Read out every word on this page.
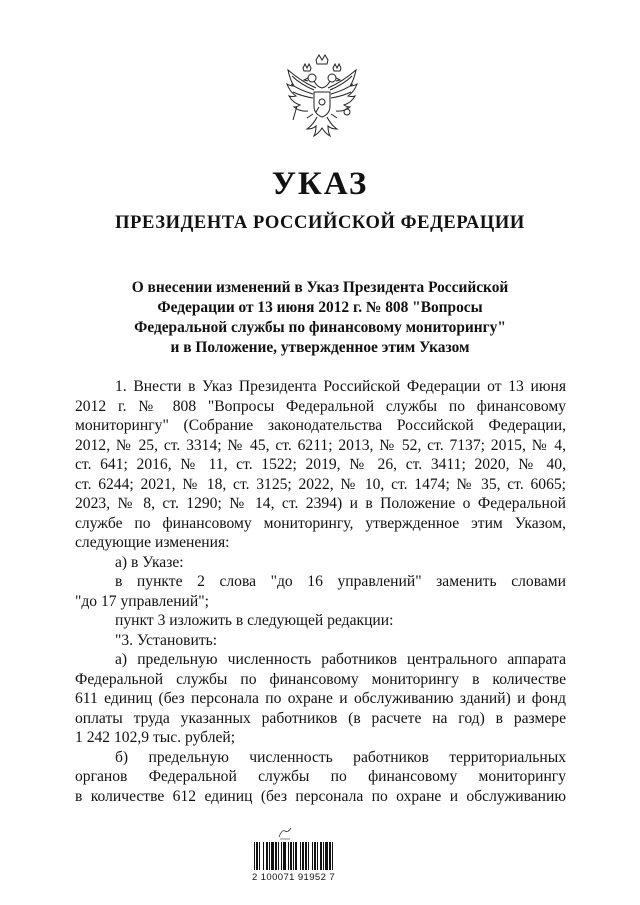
УКАЗ
ПРЕЗИДЕНТА РОССИЙСКОЙ ФЕДЕРАЦИИ
О внесении изменений в Указ Президента Российской
Федерации от 13 июня 2012 г. № 808 "Вопросы
Федеральной службы по финансовому мониторингу"
и в Положение, утвержденное этим Указом
1. Внести в Указ Президента Российской Федерации от 13 июня
2012 г. № 808 "Вопросы Федеральной службы по финансовому
мониторингу" (Собрание законодательства Российской Федерации,
2012, № 25, ст. 3314; № 45, ст. 6211; 2013, № 52, ст. 7137; 2015, № 4,
ст. 641; 2016, № 11, ст. 1522; 2019, № 26, ст. 3411; 2020, № 40,
ст. 6244; 2021, № 18, ст. 3125; 2022, № 10, ст. 1474; № 35, ст. 6065;
2023, № 8, ст. 1290; № 14, ст. 2394) и в Положение о Федеральной
службе по финансовому мониторингу, утвержденное этим Указом,
следующие изменения:
а) в Указе:
в пункте 2 слова "до 16 управлений" заменить словами
"до 17 управлений";
пункт 3 изложить в следующей редакции:
"3. Установить:
а) предельную численность работников центрального аппарата
Федеральной службы по финансовому мониторингу в количестве
611 единиц (без персонала по охране и обслуживанию зданий) и фонд
оплаты труда указанных работников (в расчете на год) в размере
1 242 102,9 тыс. рублей;
б) предельную численность работников территориальных
органов Федеральной службы по финансовому мониторингу
в количестве 612 единиц (без персонала по охране и обслуживанию
2 100071 91952 7
